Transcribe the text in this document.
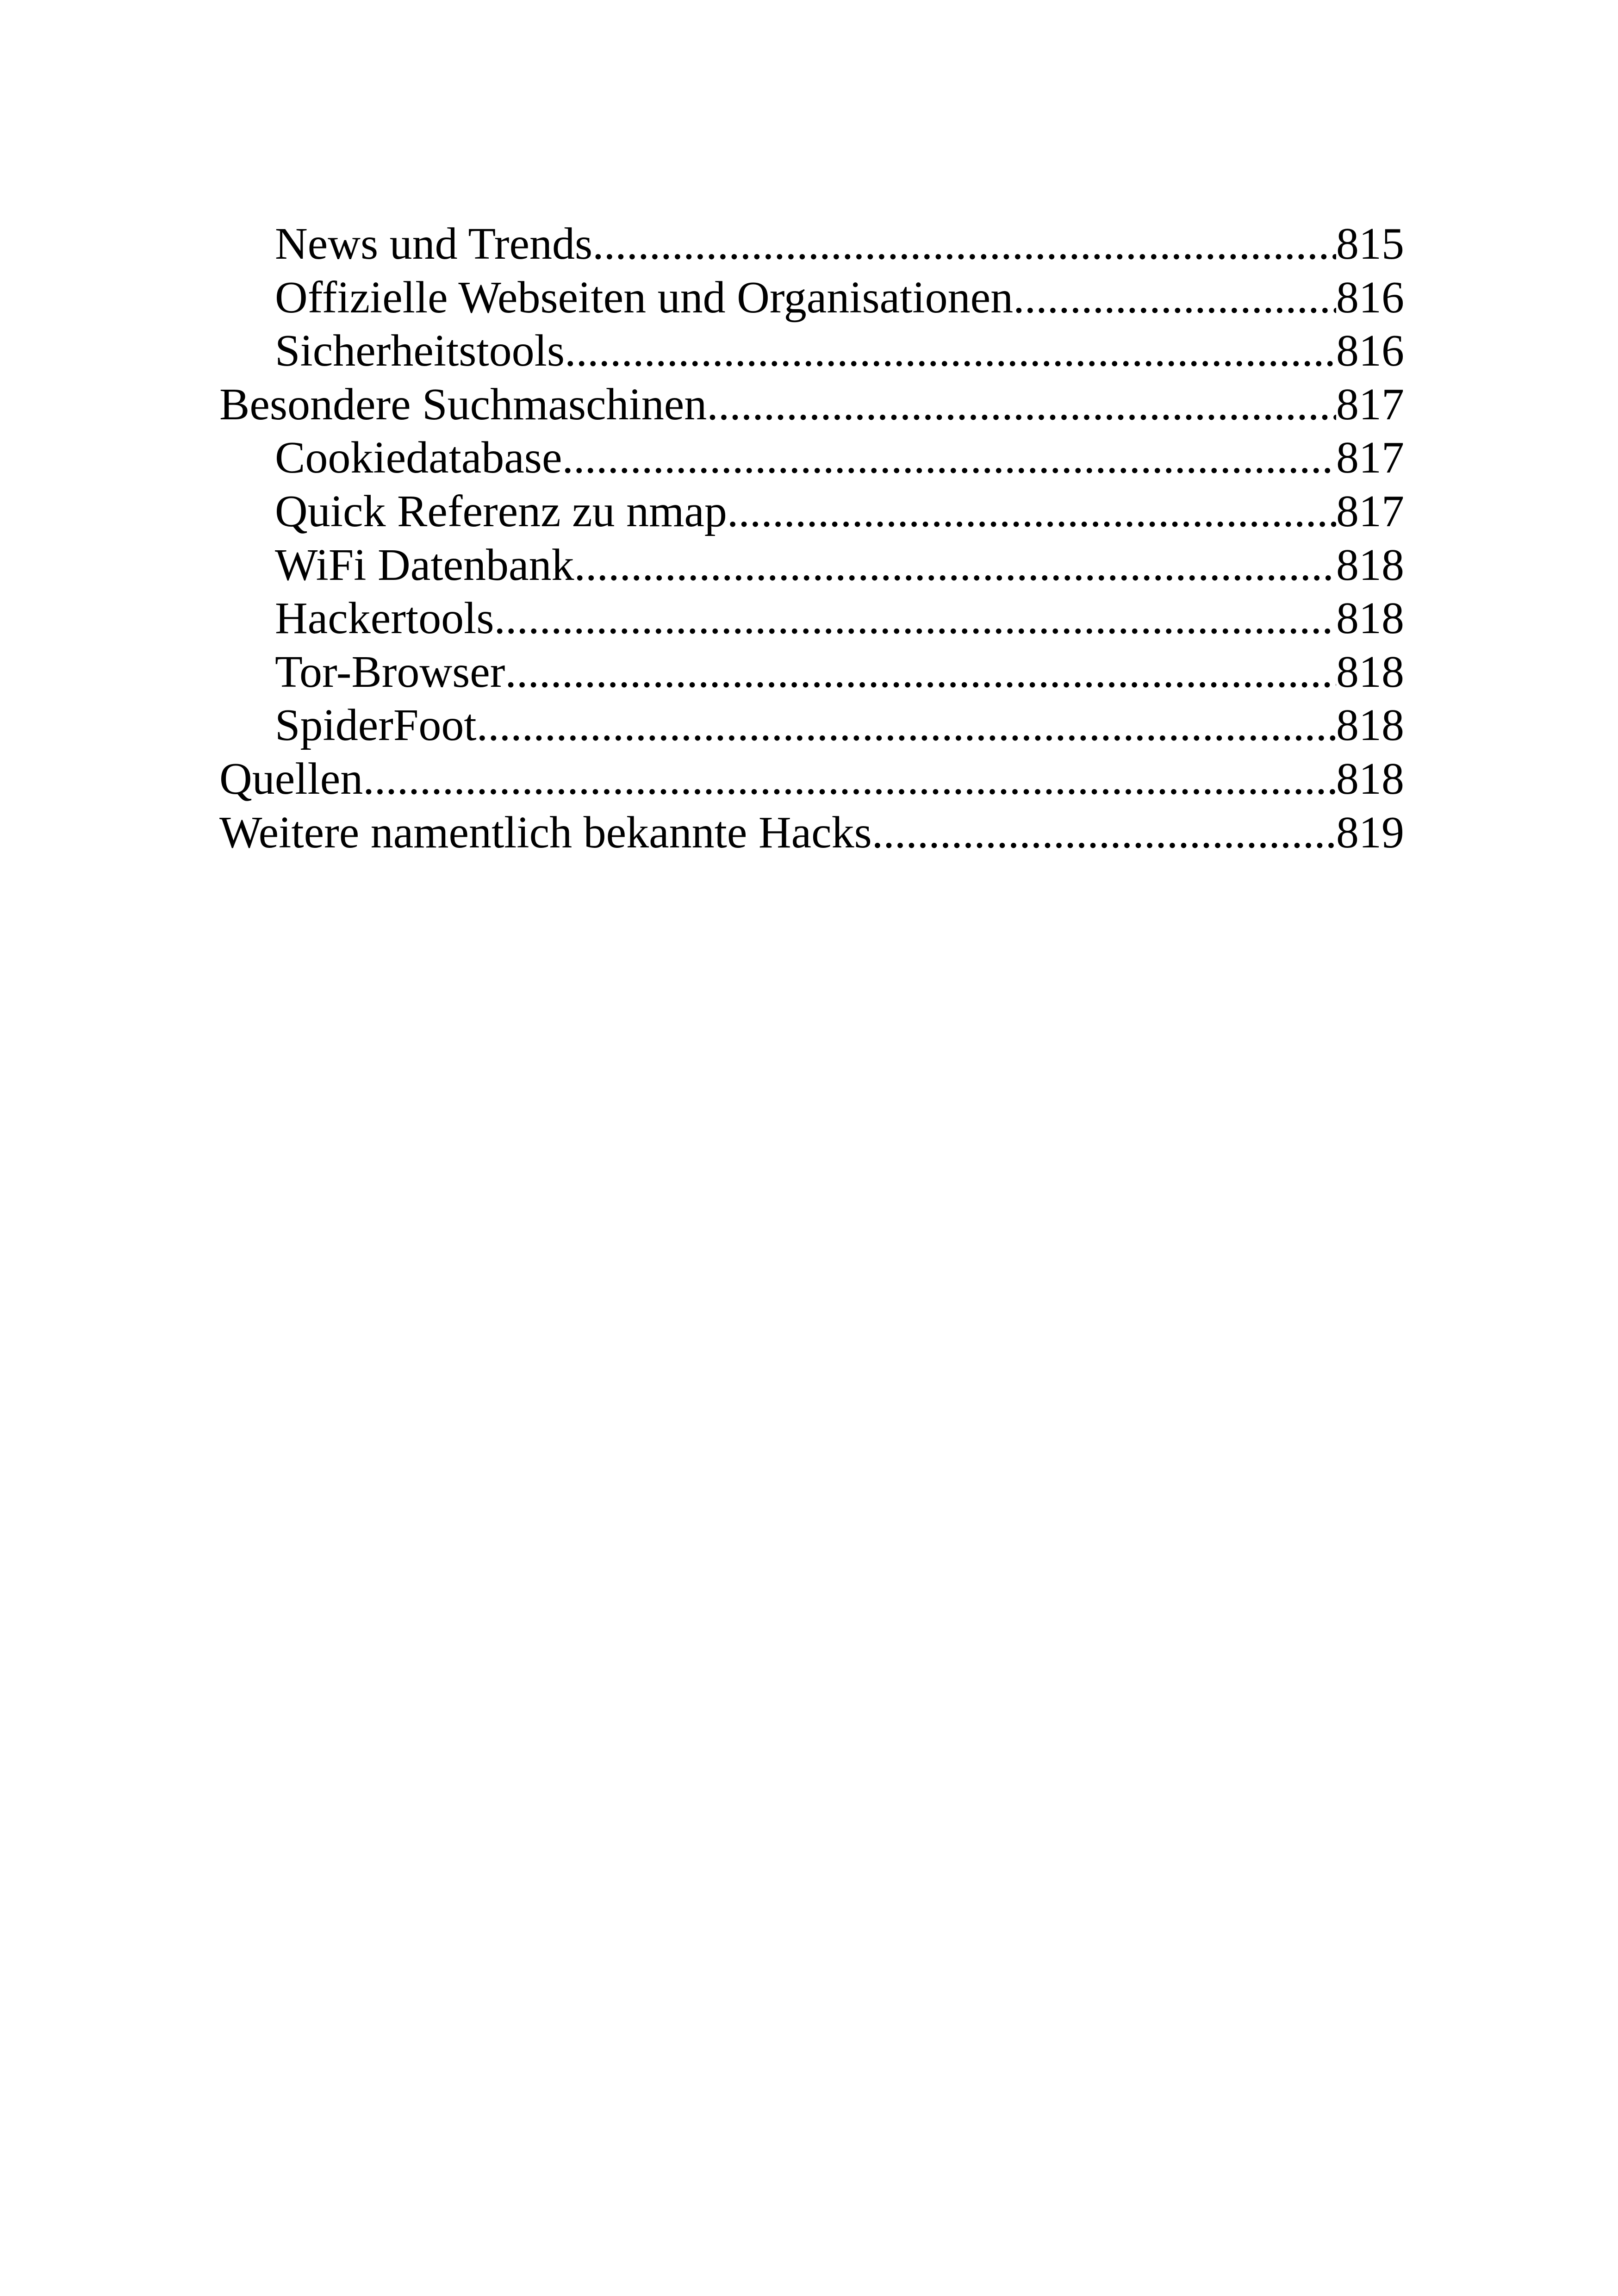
News und Trends .....	815
Offizielle Webseiten und Organisationen .....	816
Sicherheitstools .....	816
Besondere Suchmaschinen .....	817
Cookiedatabase .....	817
Quick Referenz zu nmap .....	817
WiFi Datenbank .....	818
Hackertools .....	818
Tor-Browser .....	818
SpiderFoot .....	818
Quellen .....	818
Weitere namentlich bekannte Hacks .....	819
